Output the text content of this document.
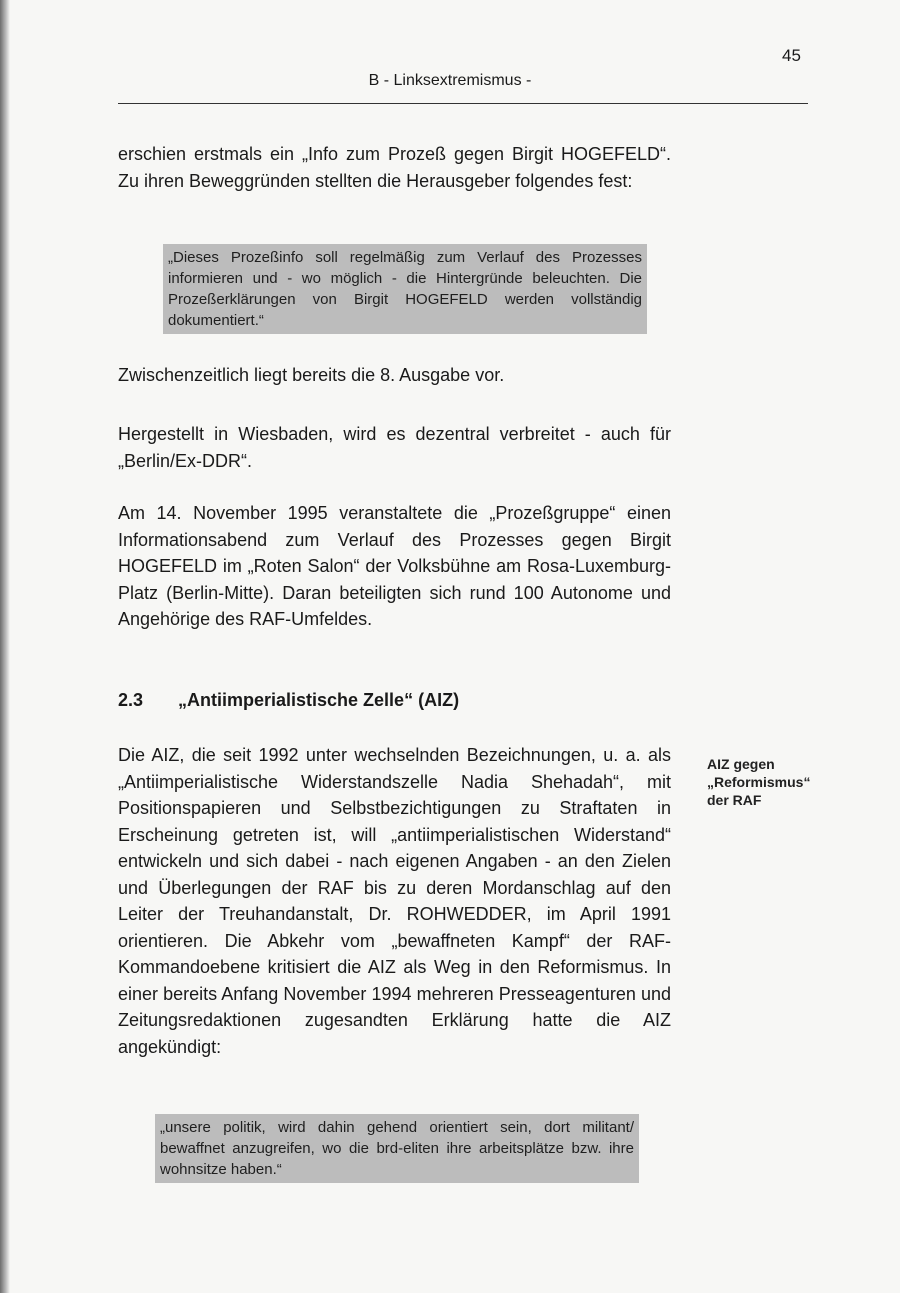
45
B - Linksextremismus -

erschien erstmals ein „Info zum Prozeß gegen Birgit HOGEFELD“. Zu ihren Beweggründen stellten die Herausgeber folgendes fest:

„Dieses Prozeßinfo soll regelmäßig zum Verlauf des Prozesses informieren und - wo möglich - die Hintergründe beleuchten. Die Prozeßerklärungen von Birgit HOGEFELD werden vollständig dokumentiert.“

Zwischenzeitlich liegt bereits die 8. Ausgabe vor.

Hergestellt in Wiesbaden, wird es dezentral verbreitet - auch für „Berlin/Ex-DDR“.

Am 14. November 1995 veranstaltete die „Prozeßgruppe“ einen Informationsabend zum Verlauf des Prozesses gegen Birgit HOGEFELD im „Roten Salon“ der Volksbühne am Rosa-Luxemburg-Platz (Berlin-Mitte). Daran beteiligten sich rund 100 Autonome und Angehörige des RAF-Umfeldes.

2.3 „Antiimperialistische Zelle“ (AIZ)
AIZ gegen „Reformismus“ der RAF

Die AIZ, die seit 1992 unter wechselnden Bezeichnungen, u. a. als „Antiimperialistische Widerstandszelle Nadia Shehadah“, mit Positionspapieren und Selbstbezichtigungen zu Straftaten in Erscheinung getreten ist, will „antiimperialistischen Widerstand“ entwickeln und sich dabei - nach eigenen Angaben - an den Zielen und Überlegungen der RAF bis zu deren Mordanschlag auf den Leiter der Treuhandanstalt, Dr. ROHWEDDER, im April 1991 orientieren. Die Abkehr vom „bewaffneten Kampf“ der RAF-Kommandoebene kritisiert die AIZ als Weg in den Reformismus. In einer bereits Anfang November 1994 mehreren Presseagenturen und Zeitungsredaktionen zugesandten Erklärung hatte die AIZ angekündigt:

„unsere politik, wird dahin gehend orientiert sein, dort militant/ bewaffnet anzugreifen, wo die brd-eliten ihre arbeitsplätze bzw. ihre wohnsitze haben.“
